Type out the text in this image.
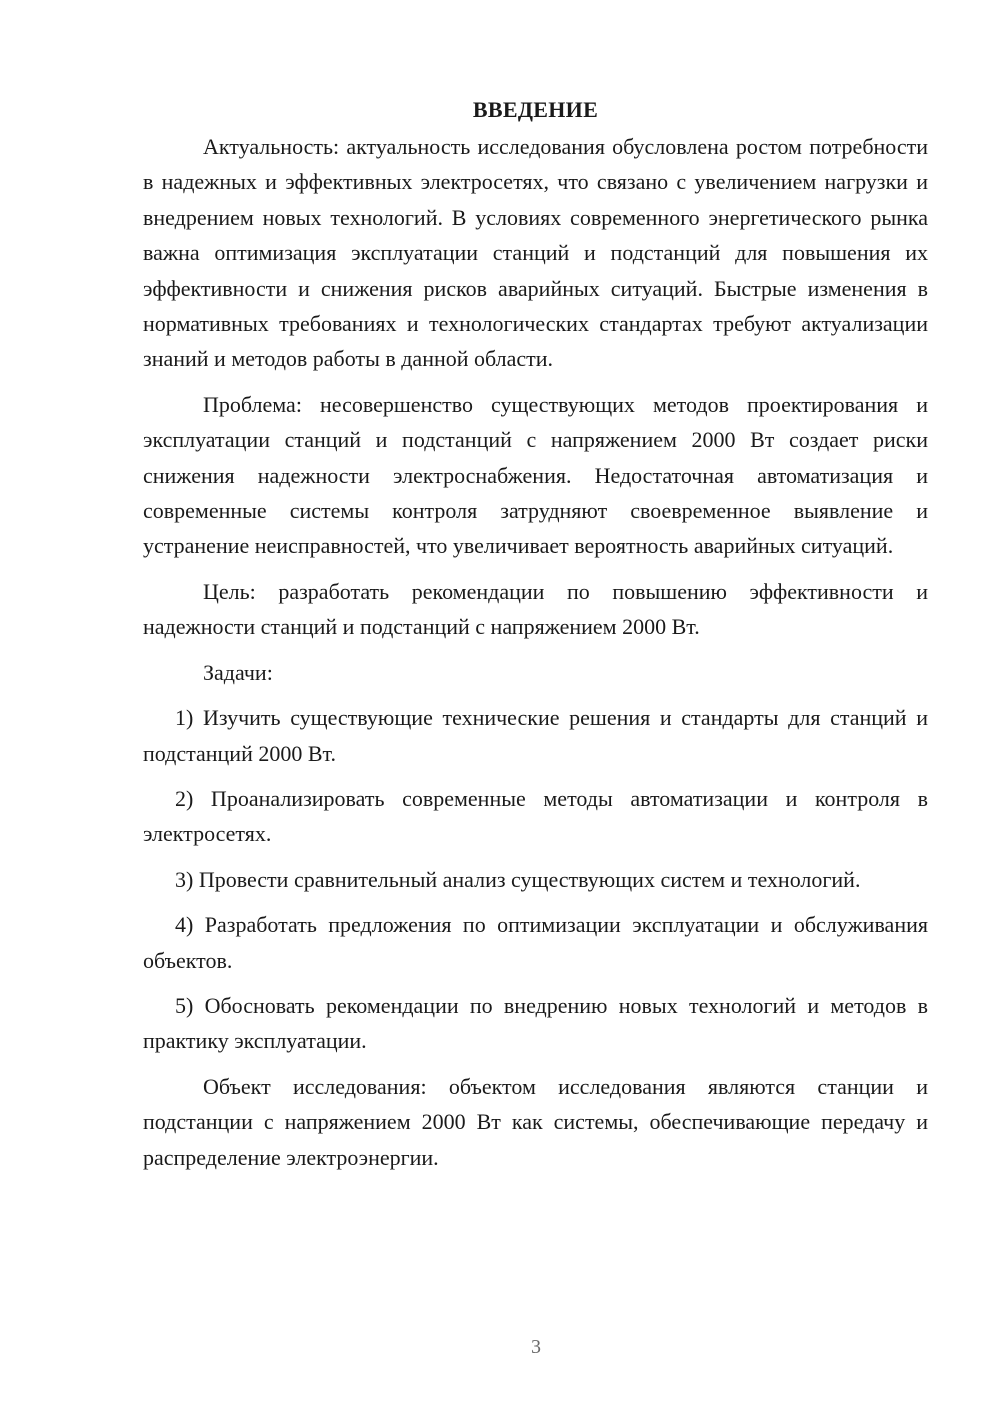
ВВЕДЕНИЕ

Актуальность: актуальность исследования обусловлена ростом потребности в надежных и эффективных электросетях, что связано с увеличением нагрузки и внедрением новых технологий. В условиях современного энергетического рынка важна оптимизация эксплуатации станций и подстанций для повышения их эффективности и снижения рисков аварийных ситуаций. Быстрые изменения в нормативных требованиях и технологических стандартах требуют актуализации знаний и методов работы в данной области.

Проблема: несовершенство существующих методов проектирования и эксплуатации станций и подстанций с напряжением 2000 Вт создает риски снижения надежности электроснабжения. Недостаточная автоматизация и современные системы контроля затрудняют своевременное выявление и устранение неисправностей, что увеличивает вероятность аварийных ситуаций.

Цель: разработать рекомендации по повышению эффективности и надежности станций и подстанций с напряжением 2000 Вт.

Задачи:

1) Изучить существующие технические решения и стандарты для станций и подстанций 2000 Вт.

2) Проанализировать современные методы автоматизации и контроля в электросетях.

3) Провести сравнительный анализ существующих систем и технологий.

4) Разработать предложения по оптимизации эксплуатации и обслуживания объектов.

5) Обосновать рекомендации по внедрению новых технологий и методов в практику эксплуатации.

Объект исследования: объектом исследования являются станции и подстанции с напряжением 2000 Вт как системы, обеспечивающие передачу и распределение электроэнергии.

3
